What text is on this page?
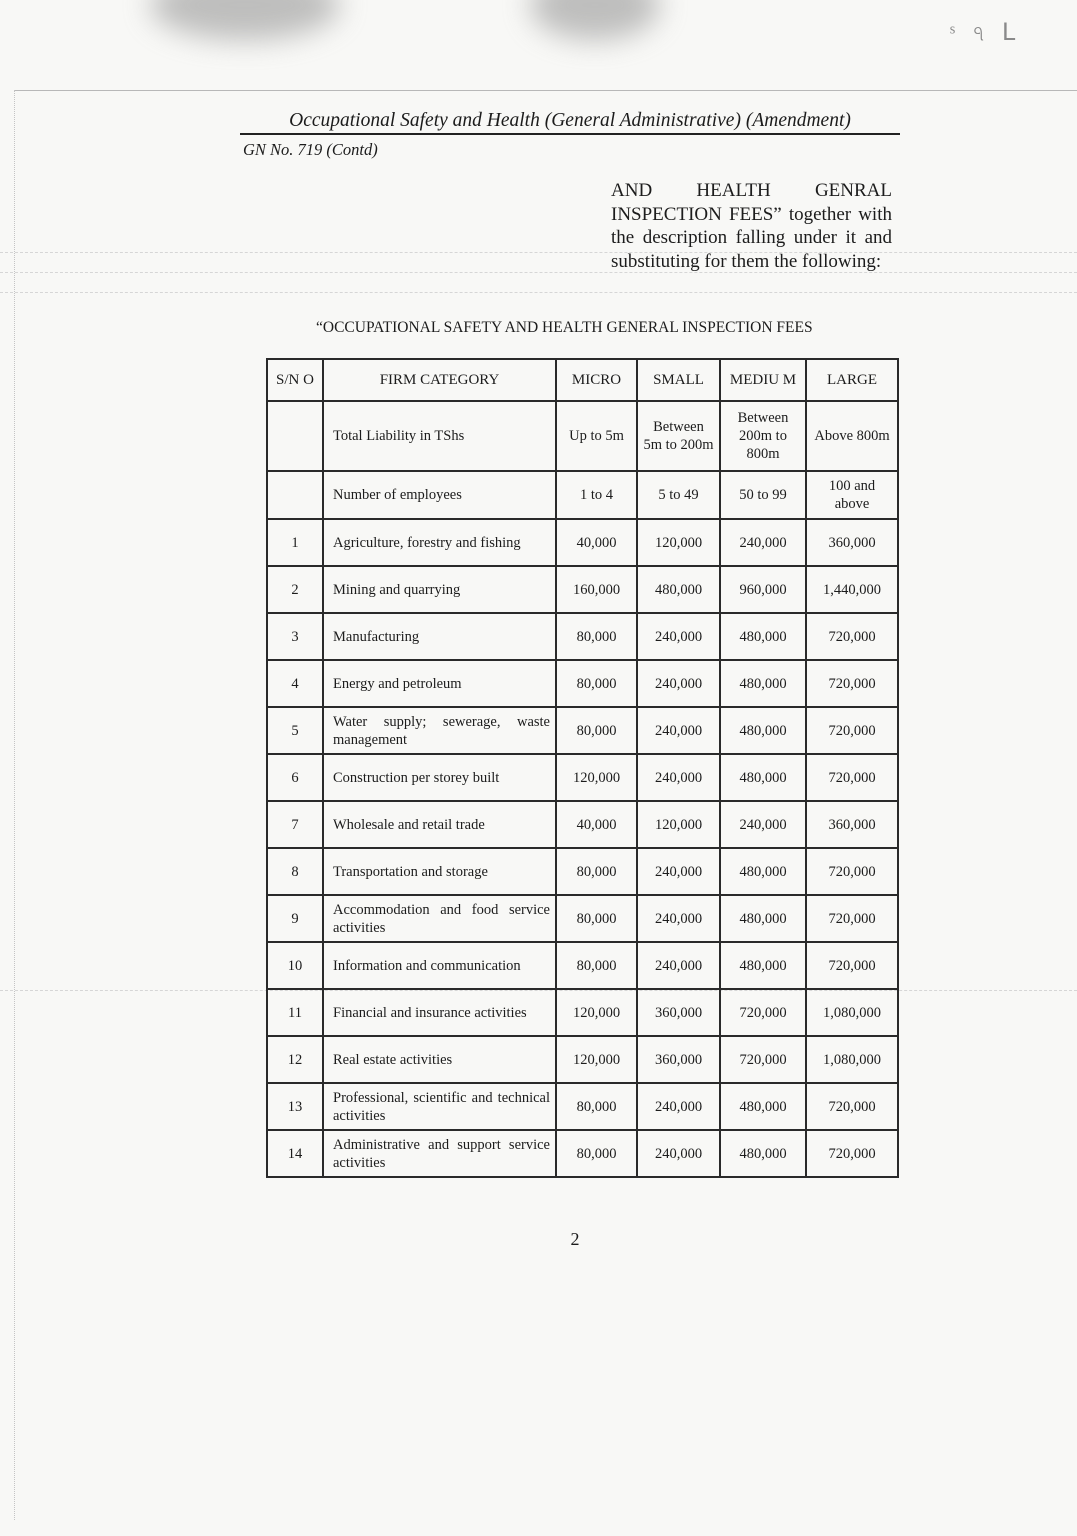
ˢ ঀ ᒪ
Occupational Safety and Health (General Administrative) (Amendment)
GN No. 719 (Contd)
AND HEALTH GENRAL INSPECTION FEES” together with the description falling under it and substituting for them the following:
“OCCUPATIONAL SAFETY AND HEALTH GENERAL INSPECTION FEES
S/N O	FIRM CATEGORY	MICRO	SMALL	MEDIU M	LARGE
	Total Liability in TShs	Up to 5m	Between 5m to 200m	Between 200m to 800m	Above 800m
	Number of employees	1 to 4	5 to 49	50 to 99	100 and above
1	Agriculture, forestry and fishing	40,000	120,000	240,000	360,000
2	Mining and quarrying	160,000	480,000	960,000	1,440,000
3	Manufacturing	80,000	240,000	480,000	720,000
4	Energy and petroleum	80,000	240,000	480,000	720,000
5	Water supply; sewerage, waste management	80,000	240,000	480,000	720,000
6	Construction per storey built	120,000	240,000	480,000	720,000
7	Wholesale and retail trade	40,000	120,000	240,000	360,000
8	Transportation and storage	80,000	240,000	480,000	720,000
9	Accommodation and food service activities	80,000	240,000	480,000	720,000
10	Information and communication	80,000	240,000	480,000	720,000
11	Financial and insurance activities	120,000	360,000	720,000	1,080,000
12	Real estate activities	120,000	360,000	720,000	1,080,000
13	Professional, scientific and technical activities	80,000	240,000	480,000	720,000
14	Administrative and support service activities	80,000	240,000	480,000	720,000
2
